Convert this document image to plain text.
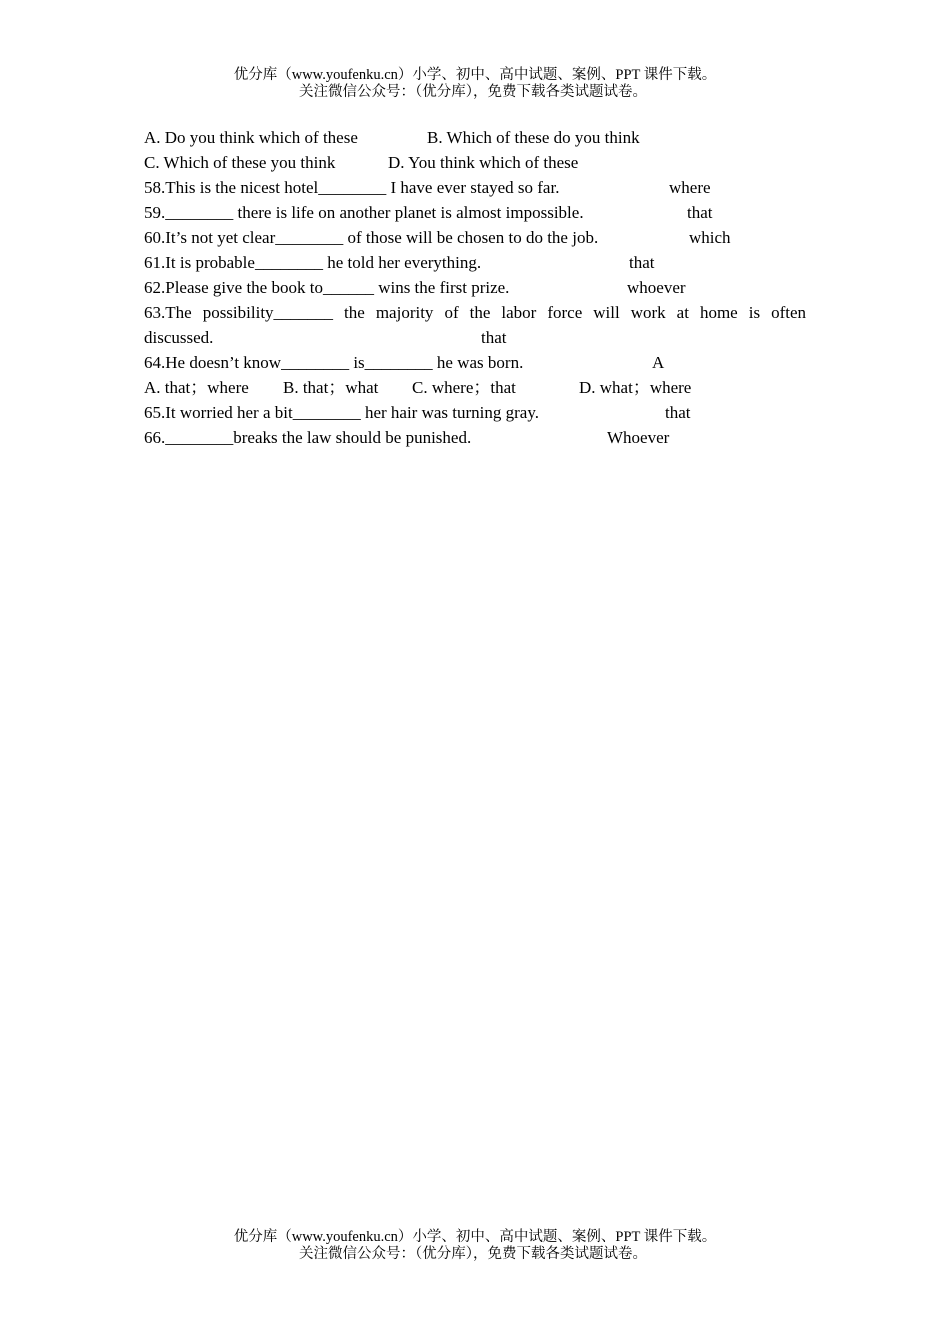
优分库（www.youfenku.cn）小学、初中、高中试题、案例、PPT 课件下载。
关注微信公众号：（优分库），免费下载各类试题试卷。
A. Do you think which of these	B. Which of these do you think
C. Which of these you think	D. You think which of these
58.This is the nicest hotel________ I have ever stayed so far.	where
59.________ there is life on another planet is almost impossible.	that
60.It’s not yet clear________ of those will be chosen to do the job.	which
61.It is probable________ he told her everything.	that
62.Please give the book to______ wins the first prize.	whoever
63.The possibility_______ the majority of the labor force will work at home is often
discussed.	that
64.He doesn’t know________ is________ he was born.	A
A. that；where B. that；what C. where；that	D. what；where
65.It worried her a bit________ her hair was turning gray.	that
66.________breaks the law should be punished.	Whoever
优分库（www.youfenku.cn）小学、初中、高中试题、案例、PPT 课件下载。
关注微信公众号：（优分库），免费下载各类试题试卷。
